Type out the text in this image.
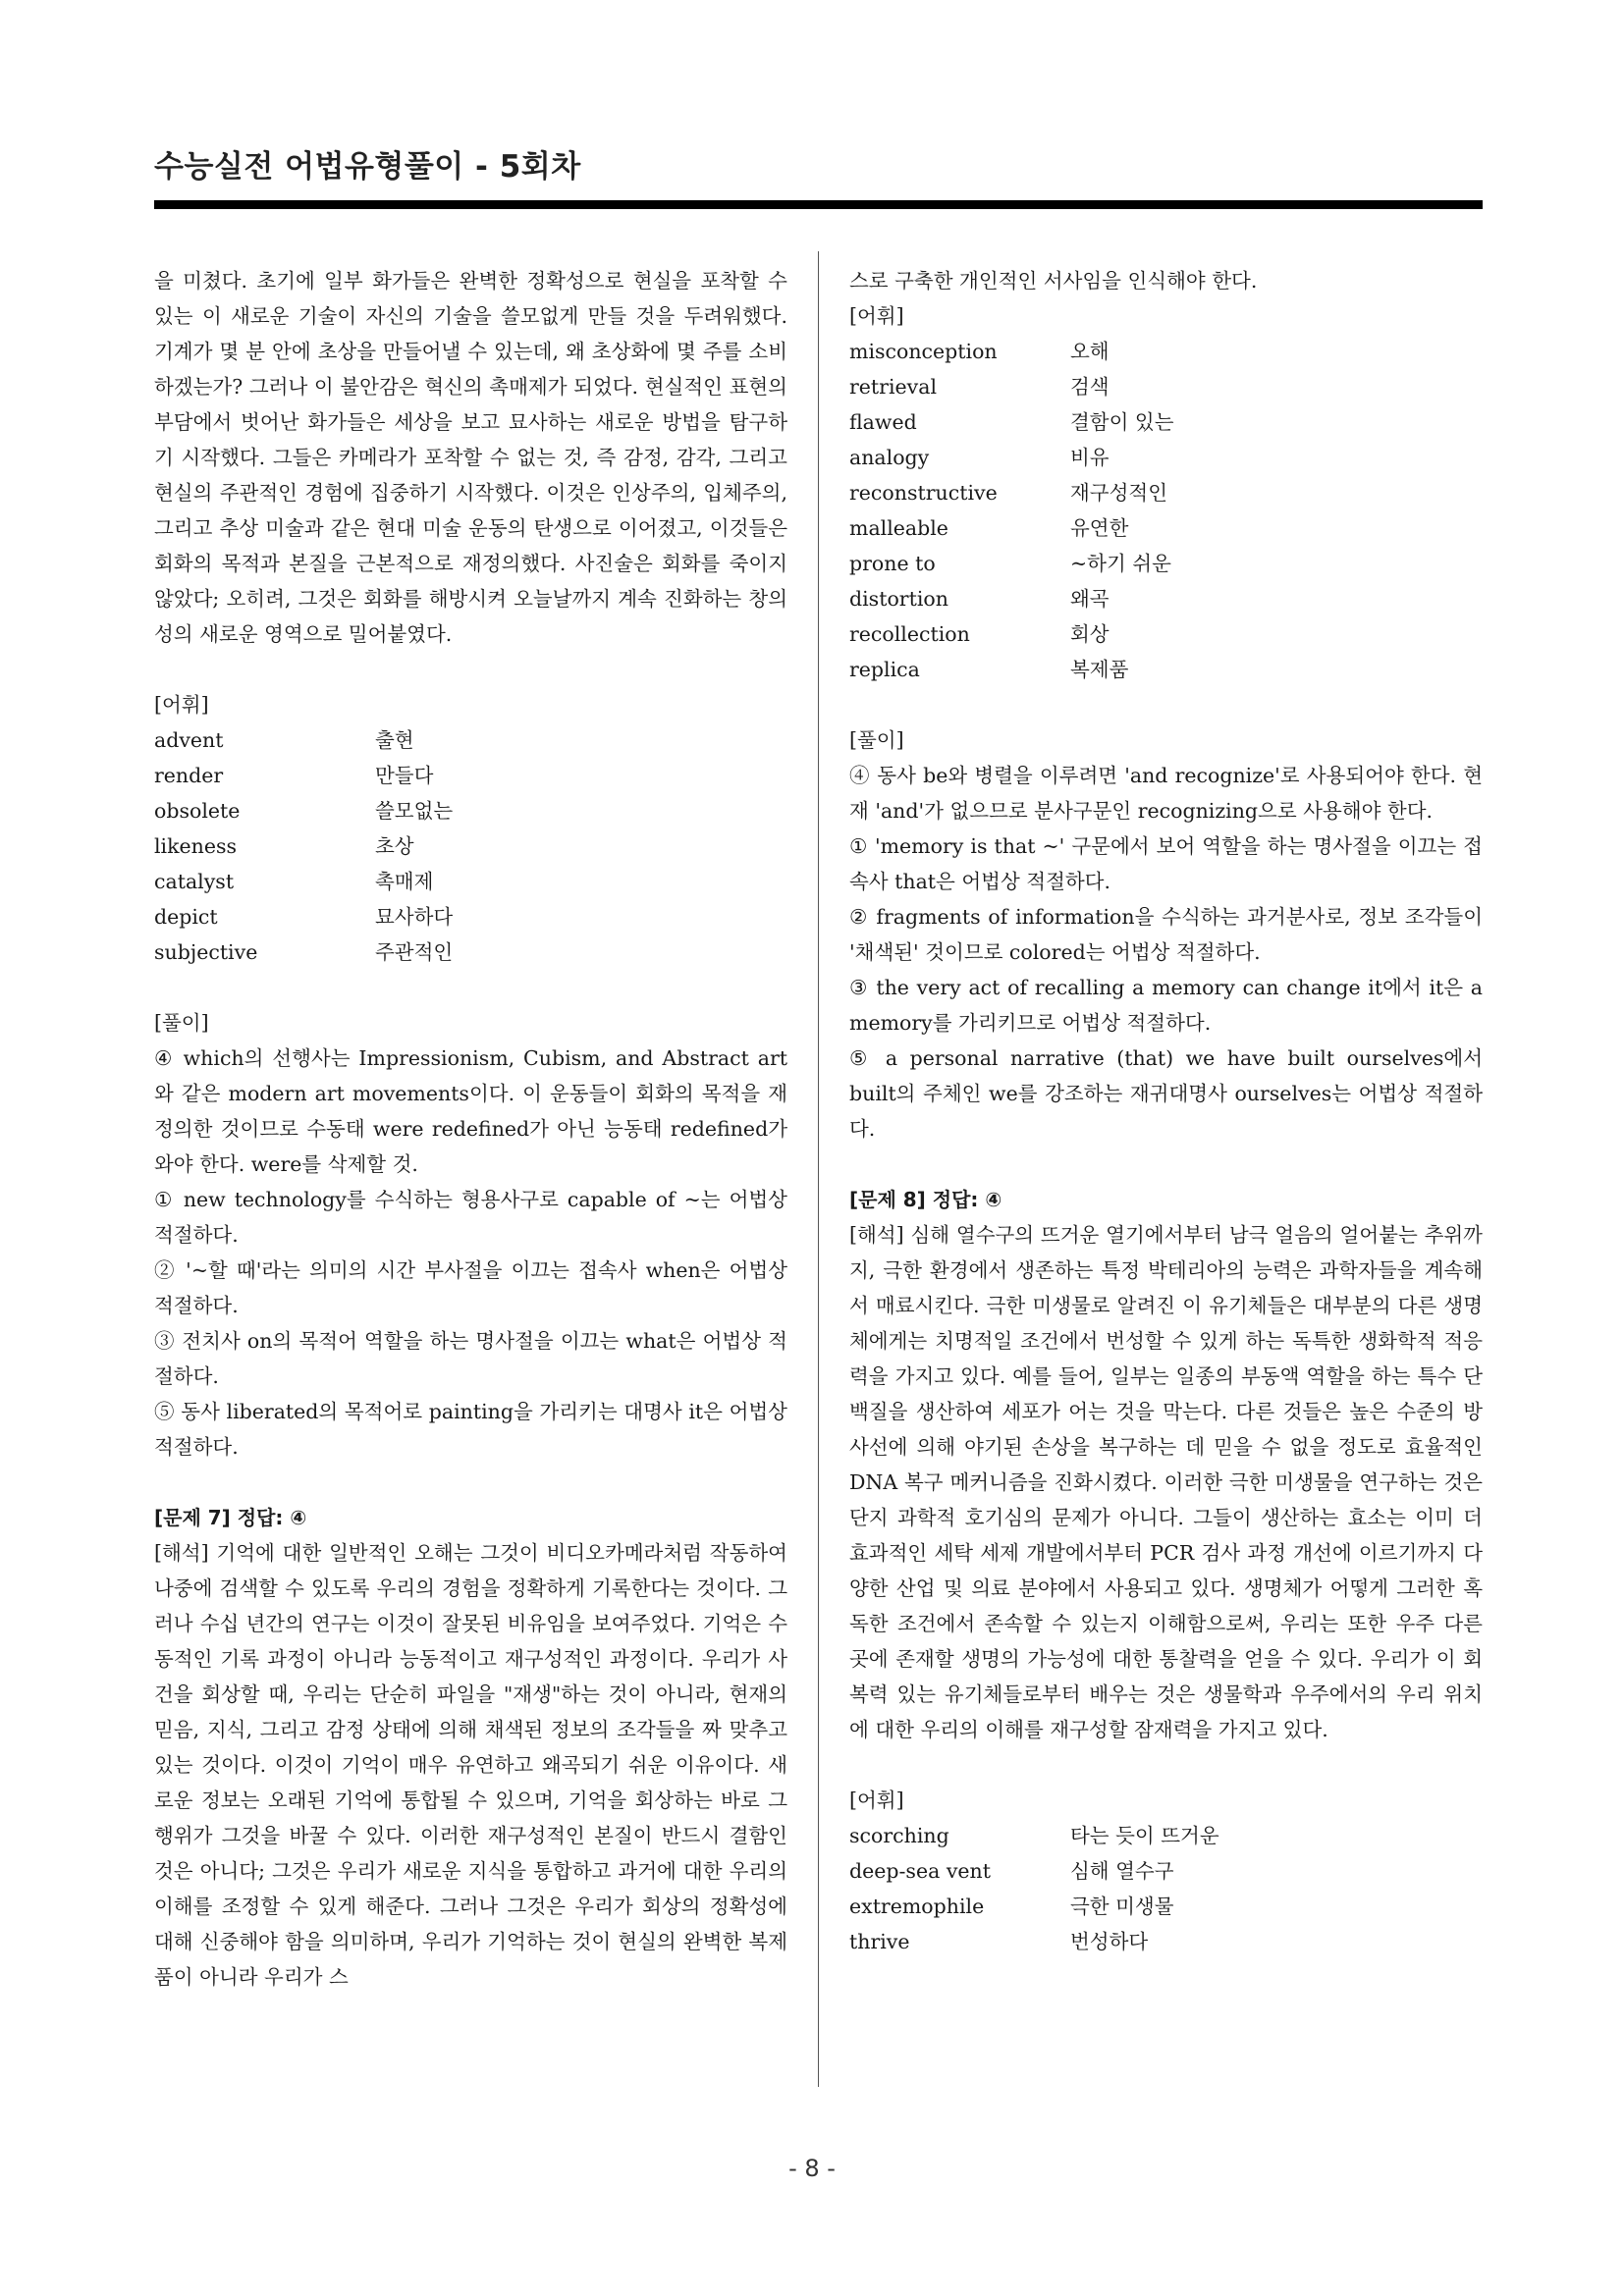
수능실전 어법유형풀이 - 5회차

을 미쳤다. 초기에 일부 화가들은 완벽한 정확성으로 현실을 포착할 수 있는 이 새로운 기술이 자신의 기술을 쓸모없게 만들 것을 두려워했다. 기계가 몇 분 안에 초상을 만들어낼 수 있는데, 왜 초상화에 몇 주를 소비하겠는가? 그러나 이 불안감은 혁신의 촉매제가 되었다. 현실적인 표현의 부담에서 벗어난 화가들은 세상을 보고 묘사하는 새로운 방법을 탐구하기 시작했다. 그들은 카메라가 포착할 수 없는 것, 즉 감정, 감각, 그리고 현실의 주관적인 경험에 집중하기 시작했다. 이것은 인상주의, 입체주의, 그리고 추상 미술과 같은 현대 미술 운동의 탄생으로 이어졌고, 이것들은 회화의 목적과 본질을 근본적으로 재정의했다. 사진술은 회화를 죽이지 않았다; 오히려, 그것은 회화를 해방시켜 오늘날까지 계속 진화하는 창의성의 새로운 영역으로 밀어붙였다.

[어휘]

advent	출현
render	만들다
obsolete	쓸모없는
likeness	초상
catalyst	촉매제
depict	묘사하다
subjective	주관적인

[풀이]

④ which의 선행사는 Impressionism, Cubism, and Abstract art와 같은 modern art movements이다. 이 운동들이 회화의 목적을 재정의한 것이므로 수동태 were redefined가 아닌 능동태 redefined가 와야 한다. were를 삭제할 것.

① new technology를 수식하는 형용사구로 capable of ~는 어법상 적절하다.

② '~할 때'라는 의미의 시간 부사절을 이끄는 접속사 when은 어법상 적절하다.

③ 전치사 on의 목적어 역할을 하는 명사절을 이끄는 what은 어법상 적절하다.

⑤ 동사 liberated의 목적어로 painting을 가리키는 대명사 it은 어법상 적절하다.

[문제 7] 정답: ④

[해석] 기억에 대한 일반적인 오해는 그것이 비디오카메라처럼 작동하여 나중에 검색할 수 있도록 우리의 경험을 정확하게 기록한다는 것이다. 그러나 수십 년간의 연구는 이것이 잘못된 비유임을 보여주었다. 기억은 수동적인 기록 과정이 아니라 능동적이고 재구성적인 과정이다. 우리가 사건을 회상할 때, 우리는 단순히 파일을 "재생"하는 것이 아니라, 현재의 믿음, 지식, 그리고 감정 상태에 의해 채색된 정보의 조각들을 짜 맞추고 있는 것이다. 이것이 기억이 매우 유연하고 왜곡되기 쉬운 이유이다. 새로운 정보는 오래된 기억에 통합될 수 있으며, 기억을 회상하는 바로 그 행위가 그것을 바꿀 수 있다. 이러한 재구성적인 본질이 반드시 결함인 것은 아니다; 그것은 우리가 새로운 지식을 통합하고 과거에 대한 우리의 이해를 조정할 수 있게 해준다. 그러나 그것은 우리가 회상의 정확성에 대해 신중해야 함을 의미하며, 우리가 기억하는 것이 현실의 완벽한 복제품이 아니라 우리가 스

스로 구축한 개인적인 서사임을 인식해야 한다.

[어휘]

misconception	오해
retrieval	검색
flawed	결함이 있는
analogy	비유
reconstructive	재구성적인
malleable	유연한
prone to	~하기 쉬운
distortion	왜곡
recollection	회상
replica	복제품

[풀이]

④ 동사 be와 병렬을 이루려면 'and recognize'로 사용되어야 한다. 현재 'and'가 없으므로 분사구문인 recognizing으로 사용해야 한다.

① 'memory is that ~' 구문에서 보어 역할을 하는 명사절을 이끄는 접속사 that은 어법상 적절하다.

② fragments of information을 수식하는 과거분사로, 정보 조각들이 '채색된' 것이므로 colored는 어법상 적절하다.

③ the very act of recalling a memory can change it에서 it은 a memory를 가리키므로 어법상 적절하다.

⑤ a personal narrative (that) we have built ourselves에서 built의 주체인 we를 강조하는 재귀대명사 ourselves는 어법상 적절하다.

[문제 8] 정답: ④

[해석] 심해 열수구의 뜨거운 열기에서부터 남극 얼음의 얼어붙는 추위까지, 극한 환경에서 생존하는 특정 박테리아의 능력은 과학자들을 계속해서 매료시킨다. 극한 미생물로 알려진 이 유기체들은 대부분의 다른 생명체에게는 치명적일 조건에서 번성할 수 있게 하는 독특한 생화학적 적응력을 가지고 있다. 예를 들어, 일부는 일종의 부동액 역할을 하는 특수 단백질을 생산하여 세포가 어는 것을 막는다. 다른 것들은 높은 수준의 방사선에 의해 야기된 손상을 복구하는 데 믿을 수 없을 정도로 효율적인 DNA 복구 메커니즘을 진화시켰다. 이러한 극한 미생물을 연구하는 것은 단지 과학적 호기심의 문제가 아니다. 그들이 생산하는 효소는 이미 더 효과적인 세탁 세제 개발에서부터 PCR 검사 과정 개선에 이르기까지 다양한 산업 및 의료 분야에서 사용되고 있다. 생명체가 어떻게 그러한 혹독한 조건에서 존속할 수 있는지 이해함으로써, 우리는 또한 우주 다른 곳에 존재할 생명의 가능성에 대한 통찰력을 얻을 수 있다. 우리가 이 회복력 있는 유기체들로부터 배우는 것은 생물학과 우주에서의 우리 위치에 대한 우리의 이해를 재구성할 잠재력을 가지고 있다.

[어휘]

scorching	타는 듯이 뜨거운
deep-sea vent	심해 열수구
extremophile	극한 미생물
thrive	번성하다
- 8 -
